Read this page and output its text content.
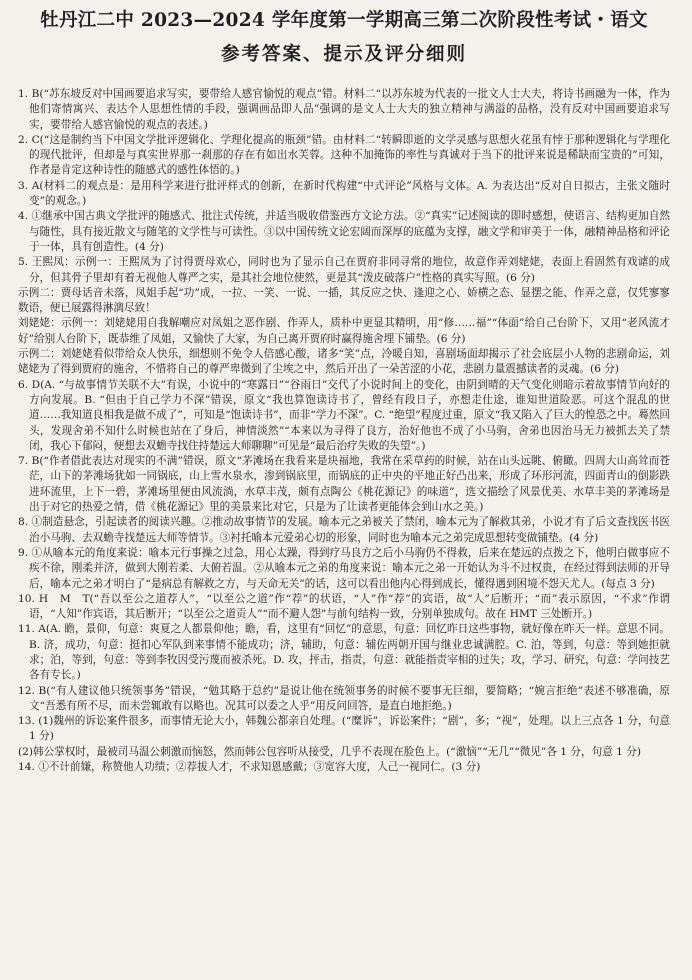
牡丹江二中 2023—2024 学年度第一学期高三第二次阶段性考试・语文
参考答案、提示及评分细则

1. B(“苏东坡反对中国画要追求写实，要带给人感官愉悦的观点”错。材料二“以苏东坡为代表的一批文人士大夫，将诗书画融为一体，作为他们寄情寓兴、表达个人思想性情的手段，强调画品即人品”强调的是文人士大夫的独立精神与满溢的品格，没有反对中国画要追求写实，要带给人感官愉悦的观点的表述。)

2. C(“这是制约当下中国文学批评逻辑化、学理化提高的瓶颈”错。由材料二“转瞬即逝的文学灵感与思想火花虽有悖于那种逻辑化与学理化的现代批评，但却是与真实世界那一刹那的存在有如出水芙蓉。这种不加掩饰的率性与真诚对于当下的批评来说是稀缺而宝贵的”可知，作者是肯定这种诗性的随感式的感性体悟的。)

3. A(材料二的观点是：是用科学来进行批评样式的创新，在新时代构建“中式评论”风格与文体。A. 为表达出“反对自日拟古，主张文随时变”的观念。)

4. ①继承中国古典文学批评的随感式、批注式传统，并适当吸收借鉴西方文论方法。②“真实”记述阅读的即时感想，使语言、结构更加自然与随性，具有接近散文与随笔的文学性与可读性。③以中国传统文论宏阔而深厚的底蕴为支撑，融文学和审美于一体，融精神品格和评论于一体，具有创造性。(4 分)

5. 王熙凤：示例一：王熙凤为了讨得贾母欢心，同时也为了显示自己在贾府非同寻常的地位，故意作弄刘姥姥，表面上看固然有戏谑的成分，但其骨子里却有着无视他人尊严之实，是其社会地位使然，更是其“泼皮破落户”性格的真实写照。(6 分)

示例二：贾母话音未落，凤姐手起“功”成，一拉、一笑、一说、一插，其反应之快、逢迎之心、娇横之态、显摆之能、作弄之意，仅凭寥寥数语，便已展露得淋漓尽致！

刘姥姥：示例一：刘姥姥用自我解嘲应对凤姐之恶作剧、作弄人，质朴中更显其精明，用“修……福”“体面”给自己台阶下，又用“老风流才好”给别人台阶下，既恭维了凤姐，又愉快了大家，为自己离开贾府时赢得施舍埋下铺垫。(6 分)

示例二：刘姥姥看似带给众人快乐，细想则不免令人倍感心酸，诸多“笑”点，冷暖自知，喜剧场面却揭示了社会底层小人物的悲剧命运，刘姥姥为了得到贾府的施舍，不惜将自己的尊严卑微到了尘埃之中，然后开出了一朵苦涩的小花，悲剧力量震撼读者的灵魂。(6 分)

6. D(A. “与故事情节关联不大”有误，小说中的“寒露日”“谷雨日”交代了小说时间上的变化，由阴到晴的天气变化则暗示着故事情节向好的方向发展。B. “但由于自己学力不深”错误，原文“我也算饱读诗书了，曾经有段日子，亦想走仕途，谁知世道险恶。可这个混乱的世道……我知道良相我是做不成了”，可知是“饱读诗书”，而非“学力不深”。C. “绝望”程度过重，原文“我又陷入了巨大的惶恐之中。蓦然回头，发现舍弟不知什么时候也站在了身后，神情淡然”“本来以为寻得了良方，治好他也不成了小马驹，舍弟也因治马无力被抓去关了禁闭，我心下郁闷，便想去双蟾寺找住持楚远大师聊聊”可见是“最后治疗失败的失望”。)

7. B(“作者借此表达对现实的不满”错误，原文“茅滩场在我看来是块福地，我常在采草药的时候，站在山头远眺、俯瞰。四周大山高耸而苍茫，山下的茅滩场犹如一同锅底，山上雪水泉水，渗到锅底里，而锅底的正中央的平地正好凸出来，形成了环形河流，四面青山的倒影跌进环流里，上下一碧，茅滩场里便由风流淌，水草丰茂，颇有点陶公《桃花源记》的味道”，选文描绘了风景优美、水草丰美的茅滩场是出于对它的热爱之情，借《桃花源记》里的美景来比对它，只是为了让读者更能体会到山水之美。)

8. ①制造悬念，引起读者的阅读兴趣。②推动故事情节的发展。喻本元之弟被关了禁闭，喻本元为了解救其弟，小说才有了后文查找医书医治小马驹、去双蟾寺找楚远大师等情节。③衬托喻本元爱弟心切的形象，同时也为喻本元之弟完成思想转变做铺垫。(4 分)

9. ①从喻本元的角度来说：喻本元行事操之过急，用心太躁，得到疗马良方之后小马驹仍不得救，后来在楚远的点拨之下，他明白做事应不疾不徐，刚柔并济，做到大刚若柔、大俯若温。②从喻本元之弟的角度来说：喻本元之弟一开始认为斗不过权贵，在经过得到法师的开导后，喻本元之弟才明白了“是病总有解救之方，与天命无关”的话，这可以看出他内心得到成长，懂得遇到困境不怨天尤人。(每点 3 分)

10. H　M　T(“吾以至公之道荐人”，“以至公之道”作“荐”的状语，“人”作“荐”的宾语，故“人”后断开；“而”表示原因，“不求”作谓语，“人知”作宾语，其后断开；“以至公之道贡人”“而不避人怨”与前句结构一致，分别单独成句。故在 HMT 三处断开。)

11. A(A. 瞻，景仰，句意：爽夏之人都景仰他；瞻，看，这里有“回忆”的意思，句意：回忆昨日这些事物，就好像在昨天一样。意思不同。B. 济，成功，句意：挺扣心军队到来事情不能成功；济，辅助，句意：辅佐两朝开国与继业忠诚满腔。C. 泊，等到，句意：等到她拒就求；泊，等到，句意：等到李牧因受污蔑而被杀死。D. 攻，抨击，指责，句意：就能指责宰相的过失；攻，学习、研究，句意：学问技艺各有专长。)

12. B(“有人建议他只统领事务”错误，“勉其略于总约”是说让他在统领事务的时候不要事无巨细，要简略；“婉言拒绝”表述不够准确，原文“吾悉有所不尽，而未尝辄敢有以略也。况其可以委之人乎”用反问回答，是直白地拒绝。)

13. (1)魏州的诉讼案件很多，而事情无论大小，韩魏公都亲自处理。(“糜诉”，诉讼案件；“剧”，多；“视”，处理。以上三点各 1 分，句意 1 分)

(2)韩公掌权时，最被司马温公刺激而恼怒，然而韩公包容听从接受，几乎不表现在脸色上。(“激恼”“无几”“微见”各 1 分，句意 1 分)

14. ①不计前嫌，称赞他人功绩；②荐拔人才，不求知恩感戴；③宽容大度，人己一视同仁。(3 分)
